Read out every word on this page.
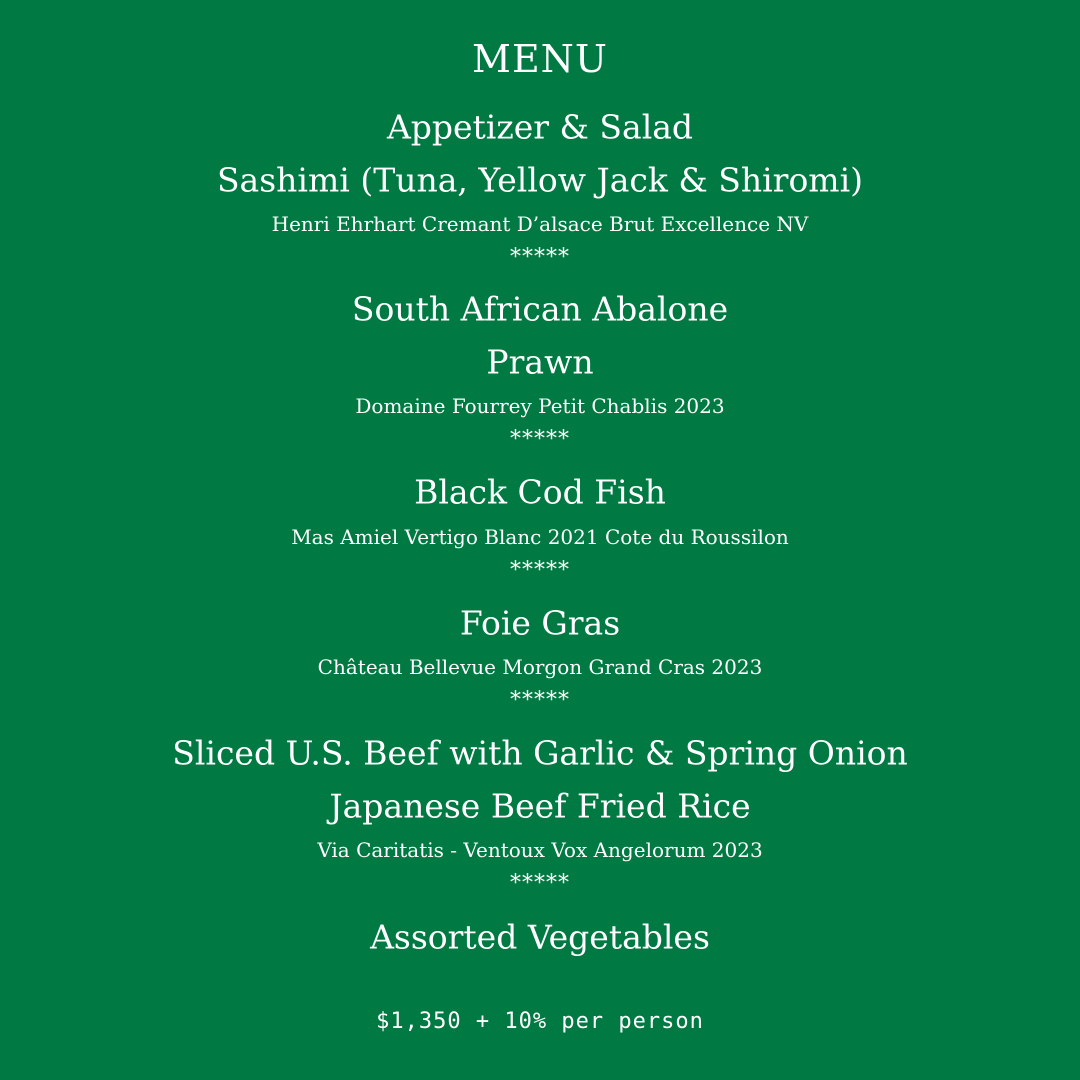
MENU
Appetizer & Salad
Sashimi (Tuna, Yellow Jack & Shiromi)
Henri Ehrhart Cremant D’alsace Brut Excellence NV
*****
South African Abalone
Prawn
Domaine Fourrey Petit Chablis 2023
*****
Black Cod Fish
Mas Amiel Vertigo Blanc 2021 Cote du Roussilon
*****
Foie Gras
Château Bellevue Morgon Grand Cras 2023
*****
Sliced U.S. Beef with Garlic & Spring Onion
Japanese Beef Fried Rice
Via Caritatis - Ventoux Vox Angelorum 2023
*****
Assorted Vegetables
$1,350 + 10% per person
